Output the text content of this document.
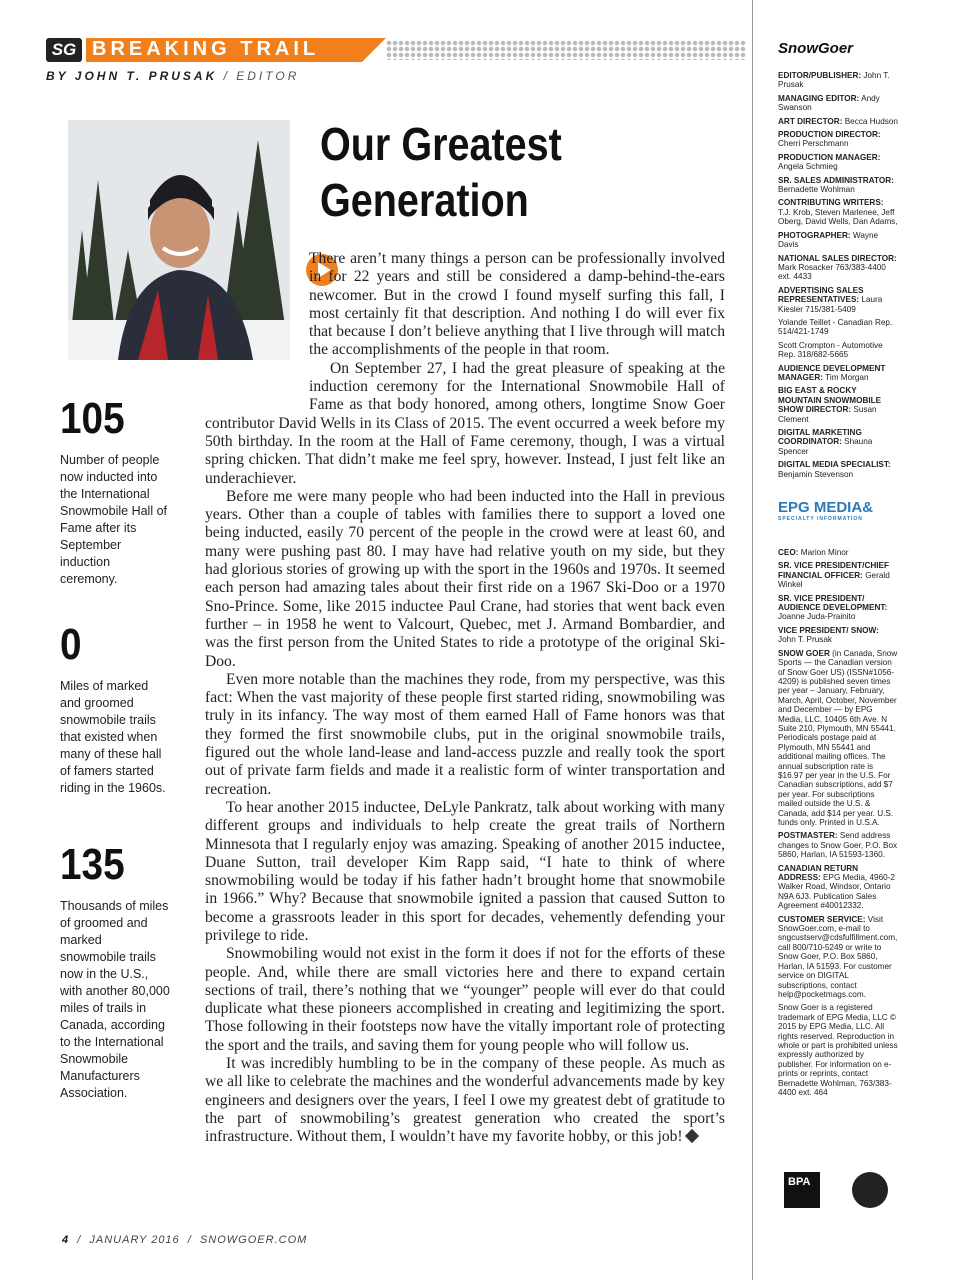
SG BREAKING TRAIL
BY JOHN T. PRUSAK / EDITOR
Our Greatest
Generation

There aren’t many things a person can be professionally involved in for 22 years and still be considered a damp-behind-the-ears newcomer. But in the crowd I found myself surfing this fall, I most certainly fit that description. And nothing I do will ever fix that because I don’t believe anything that I live through will match the accomplishments of the people in that room.

On September 27, I had the great pleasure of speaking at the induction ceremony for the International Snowmobile Hall of Fame as that body honored, among others, longtime Snow Goer contributor David Wells in its Class of 2015. The event occurred a week before my 50th birthday. In the room at the Hall of Fame ceremony, though, I was a virtual spring chicken. That didn’t make me feel spry, however. Instead, I just felt like an underachiever.

Before me were many people who had been inducted into the Hall in previous years. Other than a couple of tables with families there to support a loved one being inducted, easily 70 percent of the people in the crowd were at least 60, and many were pushing past 80. I may have had relative youth on my side, but they had glorious stories of growing up with the sport in the 1960s and 1970s. It seemed each person had amazing tales about their first ride on a 1967 Ski-Doo or a 1970 Sno-Prince. Some, like 2015 inductee Paul Crane, had stories that went back even further – in 1958 he went to Valcourt, Quebec, met J. Armand Bombardier, and was the first person from the United States to ride a prototype of the original Ski-Doo.

Even more notable than the machines they rode, from my perspective, was this fact: When the vast majority of these people first started riding, snowmobiling was truly in its infancy. The way most of them earned Hall of Fame honors was that they formed the first snowmobile clubs, put in the original snowmobile trails, figured out the whole land-lease and land-access puzzle and really took the sport out of private farm fields and made it a realistic form of winter transportation and recreation.

To hear another 2015 inductee, DeLyle Pankratz, talk about working with many different groups and individuals to help create the great trails of Northern Minnesota that I regularly enjoy was amazing. Speaking of another 2015 inductee, Duane Sutton, trail developer Kim Rapp said, “I hate to think of where snowmobiling would be today if his father hadn’t brought home that snowmobile in 1966.” Why? Because that snowmobile ignited a passion that caused Sutton to become a grassroots leader in this sport for decades, vehemently defending your privilege to ride.

Snowmobiling would not exist in the form it does if not for the efforts of these people. And, while there are small victories here and there to expand certain sections of trail, there’s nothing that we “younger” people will ever do that could duplicate what these pioneers accomplished in creating and legitimizing the sport. Those following in their footsteps now have the vitally important role of protecting the sport and the trails, and saving them for young people who will follow us.

It was incredibly humbling to be in the company of these people. As much as we all like to celebrate the machines and the wonderful advancements made by key engineers and designers over the years, I feel I owe my greatest debt of gratitude to the part of snowmobiling’s greatest generation who created the sport’s infrastructure. Without them, I wouldn’t have my favorite hobby, or this job!

105
Number of people now inducted into the International Snowmobile Hall of Fame after its September induction ceremony.
0
Miles of marked and groomed snowmobile trails that existed when many of these hall of famers started riding in the 1960s.
135
Thousands of miles of groomed and marked snowmobile trails now in the U.S., with another 80,000 miles of trails in Canada, according to the International Snowmobile Manufacturers Association.
SnowGoer
EDITOR/PUBLISHER: John T. Prusak
MANAGING EDITOR: Andy Swanson
ART DIRECTOR: Becca Hudson
PRODUCTION DIRECTOR: Cherri Perschmann
PRODUCTION MANAGER: Angela Schmieg
SR. SALES ADMINISTRATOR: Bernadette Wohlman
CONTRIBUTING WRITERS: T.J. Krob, Steven Marlenee, Jeff Oberg, David Wells, Dan Adams,
PHOTOGRAPHER: Wayne Davis
NATIONAL SALES DIRECTOR: Mark Rosacker 763/383-4400 ext. 4433
ADVERTISING SALES REPRESENTATIVES: Laura Kiesler 715/381-5409
Yolande Teillet - Canadian Rep. 514/421-1749
Scott Crompton - Automotive Rep. 318/682-5665
AUDIENCE DEVELOPMENT MANAGER: Tim Morgan
BIG EAST & ROCKY MOUNTAIN SNOWMOBILE SHOW DIRECTOR: Susan Clement
DIGITAL MARKETING COORDINATOR: Shauna Spencer
DIGITAL MEDIA SPECIALIST: Benjamin Stevenson
EPG MEDIA&
SPECIALTY INFORMATION
CEO: Marion Minor
SR. VICE PRESIDENT/CHIEF FINANCIAL OFFICER: Gerald Winkel
SR. VICE PRESIDENT/ AUDIENCE DEVELOPMENT: Joanne Juda-Prainito
VICE PRESIDENT/ SNOW: John T. Prusak
SNOW GOER (in Canada, Snow Sports — the Canadian version of Snow Goer US) (ISSN#1056-4209) is published seven times per year – January, February, March, April, October, November and December — by EPG Media, LLC, 10405 6th Ave. N Suite 210, Plymouth, MN 55441. Periodicals postage paid at Plymouth, MN 55441 and additional mailing offices. The annual subscription rate is $16.97 per year in the U.S. For Canadian subscriptions, add $7 per year. For subscriptions mailed outside the U.S. & Canada, add $14 per year. U.S. funds only. Printed in U.S.A.
POSTMASTER: Send address changes to Snow Goer, P.O. Box 5860, Harlan, IA 51593-1360.
CANADIAN RETURN ADDRESS: EPG Media, 4960-2 Walker Road, Windsor, Ontario N9A 6J3. Publication Sales Agreement #40012332.
CUSTOMER SERVICE: Visit SnowGoer.com, e-mail to sngcustserv@cdsfulfillment.com, call 800/710-5249 or write to Snow Goer, P.O. Box 5860, Harlan, IA 51593. For customer service on DIGITAL subscriptions, contact help@pocketmags.com.
Snow Goer is a registered trademark of EPG Media, LLC © 2015 by EPG Media, LLC. All rights reserved. Reproduction in whole or part is prohibited unless expressly authorized by publisher. For information on e-prints or reprints, contact Bernadette Wohlman, 763/383-4400 ext. 464
BPA
4  /  JANUARY 2016  /  SNOWGOER.COM
